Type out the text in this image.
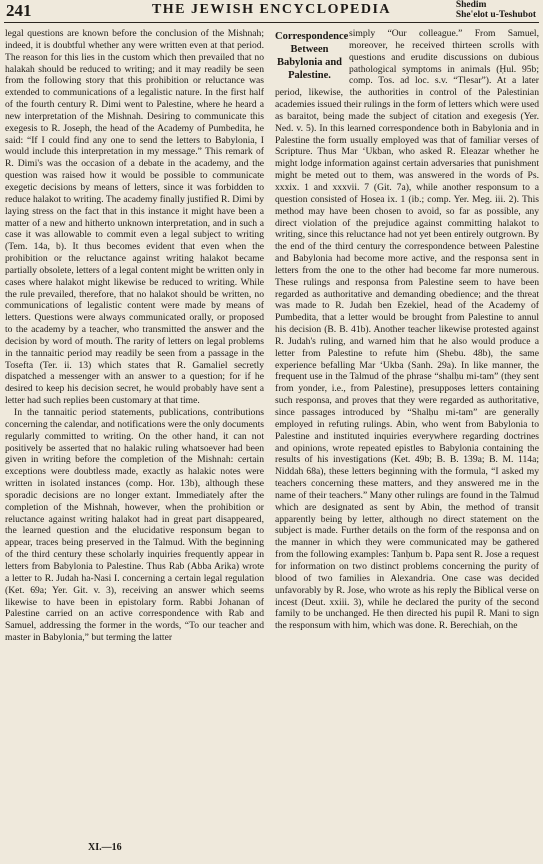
241	THE JEWISH ENCYCLOPEDIA	Shedim
She'elot u-Teshubot

legal questions are known before the conclusion of the Mishnah; indeed, it is doubtful whether any were written even at that period. The reason for this lies in the custom which then prevailed that no halakah should be reduced to writing; and it may readily be seen from the following story that this prohibition or reluctance was extended to communications of a legalistic nature. In the first half of the fourth century R. Dimi went to Palestine, where he heard a new interpretation of the Mishnah. Desiring to communicate this exegesis to R. Joseph, the head of the Academy of Pumbedita, he said: “If I could find any one to send the letters to Babylonia, I would include this interpretation in my message.” This remark of R. Dimi's was the occasion of a debate in the academy, and the question was raised how it would be possible to communicate exegetic decisions by means of letters, since it was forbidden to reduce halakot to writing. The academy finally justified R. Dimi by laying stress on the fact that in this instance it might have been a matter of a new and hitherto unknown interpretation, and in such a case it was allowable to commit even a legal subject to writing (Tem. 14a, b). It thus becomes evident that even when the prohibition or the reluctance against writing halakot became partially obsolete, letters of a legal content might be written only in cases where halakot might likewise be reduced to writing. While the rule prevailed, therefore, that no halakot should be written, no communications of legalistic content were made by means of letters. Questions were always communicated orally, or proposed to the academy by a teacher, who transmitted the answer and the decision by word of mouth. The rarity of letters on legal problems in the tannaitic period may readily be seen from a passage in the Tosefta (Ter. ii. 13) which states that R. Gamaliel secretly dispatched a messenger with an answer to a question; for if he desired to keep his decision secret, he would probably have sent a letter had such replies been customary at that time.

In the tannaitic period statements, publications, contributions concerning the calendar, and notifications were the only documents regularly committed to writing. On the other hand, it can not positively be asserted that no halakic ruling whatsoever had been given in writing before the completion of the Mishnah: certain exceptions were doubtless made, exactly as halakic notes were written in isolated instances (comp. Hor. 13b), although these sporadic decisions are no longer extant. Immediately after the completion of the Mishnah, however, when the prohibition or reluctance against writing halakot had in great part disappeared, the learned question and the elucidative responsum began to appear, traces being preserved in the Talmud. With the beginning of the third century these scholarly inquiries frequently appear in letters from Babylonia to Palestine. Thus Rab (Abba Arika) wrote a letter to R. Judah ha-Nasi I. concerning a certain legal regulation (Ket. 69a; Yer. Git. v. 3), receiving an answer which seems likewise to have been in epistolary form. Rabbi Johanan of Palestine carried on an active correspondence with Rab and Samuel, addressing the former in the words, “To our teacher and master in Babylonia,” but terming the latter

Correspondence Between Babylonia and Palestine.

simply “Our colleague.” From Samuel, moreover, he received thirteen scrolls with questions and erudite discussions on dubious pathological symptoms in animals (Ḥul. 95b; comp. Tos. ad loc. s.v. “Tlesar”). At a later period, likewise, the authorities in control of the Palestinian academies issued their rulings in the form of letters which were used as baraitot, being made the subject of citation and exegesis (Yer. Ned. v. 5). In this learned correspondence both in Babylonia and in Palestine the form usually employed was that of familiar verses of Scripture. Thus Mar ‘Ukban, who asked R. Eleazar whether he might lodge information against certain adversaries that punishment might be meted out to them, was answered in the words of Ps. xxxix. 1 and xxxvii. 7 (Git. 7a), while another responsum to a question consisted of Hosea ix. 1 (ib.; comp. Yer. Meg. iii. 2). This method may have been chosen to avoid, so far as possible, any direct violation of the prejudice against committing halakot to writing, since this reluctance had not yet been entirely outgrown. By the end of the third century the correspondence between Palestine and Babylonia had become more active, and the responsa sent in letters from the one to the other had become far more numerous. These rulings and responsa from Palestine seem to have been regarded as authoritative and demanding obedience; and the threat was made to R. Judah ben Ezekiel, head of the Academy of Pumbedita, that a letter would be brought from Palestine to annul his decision (B. B. 41b). Another teacher likewise protested against R. Judah's ruling, and warned him that he also would produce a letter from Palestine to refute him (Shebu. 48b), the same experience befalling Mar ‘Ukba (Sanh. 29a). In like manner, the frequent use in the Talmud of the phrase “shalḥu mi-tam” (they sent from yonder, i.e., from Palestine), presupposes letters containing such responsa, and proves that they were regarded as authoritative, since passages introduced by “Shalḥu mi-tam” are generally employed in refuting rulings. Abin, who went from Babylonia to Palestine and instituted inquiries everywhere regarding doctrines and opinions, wrote repeated epistles to Babylonia containing the results of his investigations (Ket. 49b; B. B. 139a; B. M. 114a; Niddah 68a), these letters beginning with the formula, “I asked my teachers concerning these matters, and they answered me in the name of their teachers.” Many other rulings are found in the Talmud which are designated as sent by Abin, the method of transit apparently being by letter, although no direct statement on the subject is made. Further details on the form of the responsa and on the manner in which they were communicated may be gathered from the following examples: Tanḥum b. Papa sent R. Jose a request for information on two distinct problems concerning the purity of blood of two families in Alexandria. One case was decided unfavorably by R. Jose, who wrote as his reply the Biblical verse on incest (Deut. xxiii. 3), while he declared the purity of the second family to be unchanged. He then directed his pupil R. Mani to sign the responsum with him, which was done. R. Berechiah, on the

XI.—16
